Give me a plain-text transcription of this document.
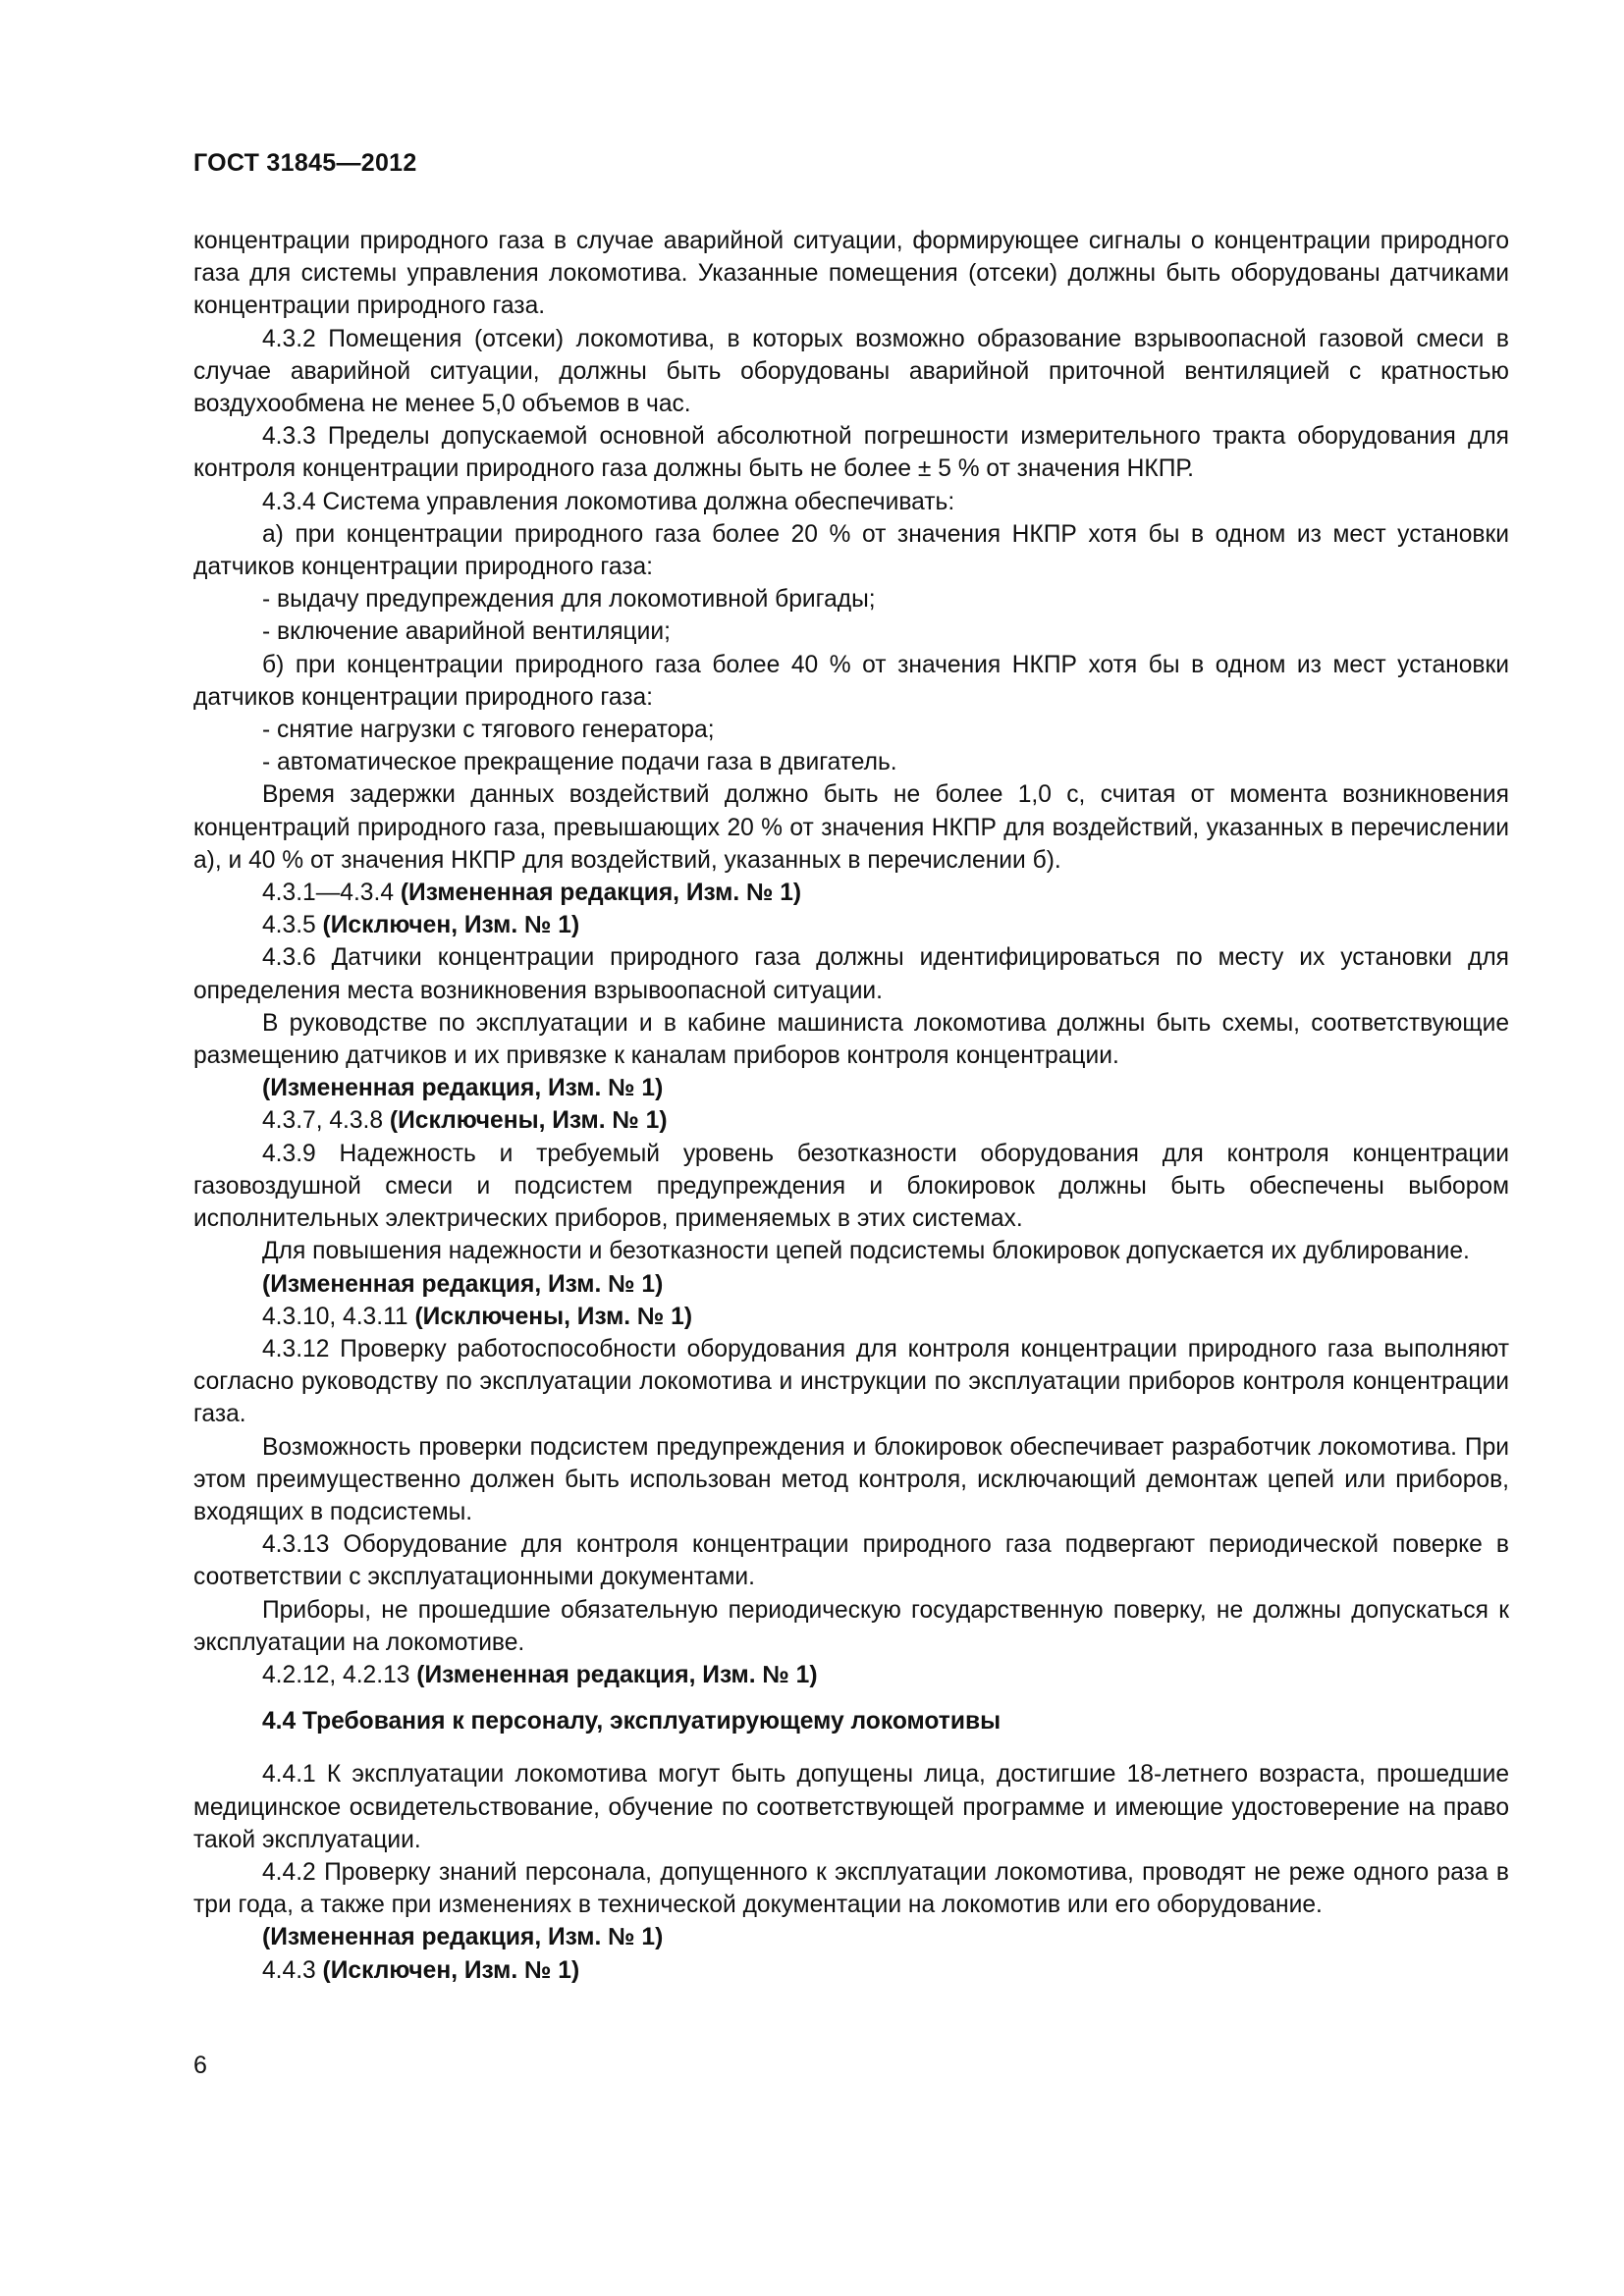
ГОСТ 31845—2012

концентрации природного газа в случае аварийной ситуации, формирующее сигналы о концентрации природного газа для системы управления локомотива. Указанные помещения (отсеки) должны быть оборудованы датчиками концентрации природного газа.

4.3.2 Помещения (отсеки) локомотива, в которых возможно образование взрывоопасной газовой смеси в случае аварийной ситуации, должны быть оборудованы аварийной приточной вентиляцией с кратностью воздухообмена не менее 5,0 объемов в час.

4.3.3 Пределы допускаемой основной абсолютной погрешности измерительного тракта оборудования для контроля концентрации природного газа должны быть не более ± 5 % от значения НКПР.

4.3.4 Система управления локомотива должна обеспечивать:

а) при концентрации природного газа более 20 % от значения НКПР хотя бы в одном из мест установки датчиков концентрации природного газа:

- выдачу предупреждения для локомотивной бригады;

- включение аварийной вентиляции;

б) при концентрации природного газа более 40 % от значения НКПР хотя бы в одном из мест установки датчиков концентрации природного газа:

- снятие нагрузки с тягового генератора;

- автоматическое прекращение подачи газа в двигатель.

Время задержки данных воздействий должно быть не более 1,0 с, считая от момента возникновения концентраций природного газа, превышающих 20 % от значения НКПР для воздействий, указанных в перечислении а), и 40 % от значения НКПР для воздействий, указанных в перечислении б).

4.3.1—4.3.4 (Измененная редакция, Изм. № 1)

4.3.5 (Исключен, Изм. № 1)

4.3.6 Датчики концентрации природного газа должны идентифицироваться по месту их установки для определения места возникновения взрывоопасной ситуации.

В руководстве по эксплуатации и в кабине машиниста локомотива должны быть схемы, соответствующие размещению датчиков и их привязке к каналам приборов контроля концентрации.

(Измененная редакция, Изм. № 1)

4.3.7, 4.3.8 (Исключены, Изм. № 1)

4.3.9 Надежность и требуемый уровень безотказности оборудования для контроля концентрации газовоздушной смеси и подсистем предупреждения и блокировок должны быть обеспечены выбором исполнительных электрических приборов, применяемых в этих системах.

Для повышения надежности и безотказности цепей подсистемы блокировок допускается их дублирование.

(Измененная редакция, Изм. № 1)

4.3.10, 4.3.11 (Исключены, Изм. № 1)

4.3.12 Проверку работоспособности оборудования для контроля концентрации природного газа выполняют согласно руководству по эксплуатации локомотива и инструкции по эксплуатации приборов контроля концентрации газа.

Возможность проверки подсистем предупреждения и блокировок обеспечивает разработчик локомотива. При этом преимущественно должен быть использован метод контроля, исключающий демонтаж цепей или приборов, входящих в подсистемы.

4.3.13 Оборудование для контроля концентрации природного газа подвергают периодической поверке в соответствии с эксплуатационными документами.

Приборы, не прошедшие обязательную периодическую государственную поверку, не должны допускаться к эксплуатации на локомотиве.

4.2.12, 4.2.13 (Измененная редакция, Изм. № 1)

4.4 Требования к персоналу, эксплуатирующему локомотивы

4.4.1 К эксплуатации локомотива могут быть допущены лица, достигшие 18-летнего возраста, прошедшие медицинское освидетельствование, обучение по соответствующей программе и имеющие удостоверение на право такой эксплуатации.

4.4.2 Проверку знаний персонала, допущенного к эксплуатации локомотива, проводят не реже одного раза в три года, а также при изменениях в технической документации на локомотив или его оборудование.

(Измененная редакция, Изм. № 1)

4.4.3 (Исключен, Изм. № 1)

6
